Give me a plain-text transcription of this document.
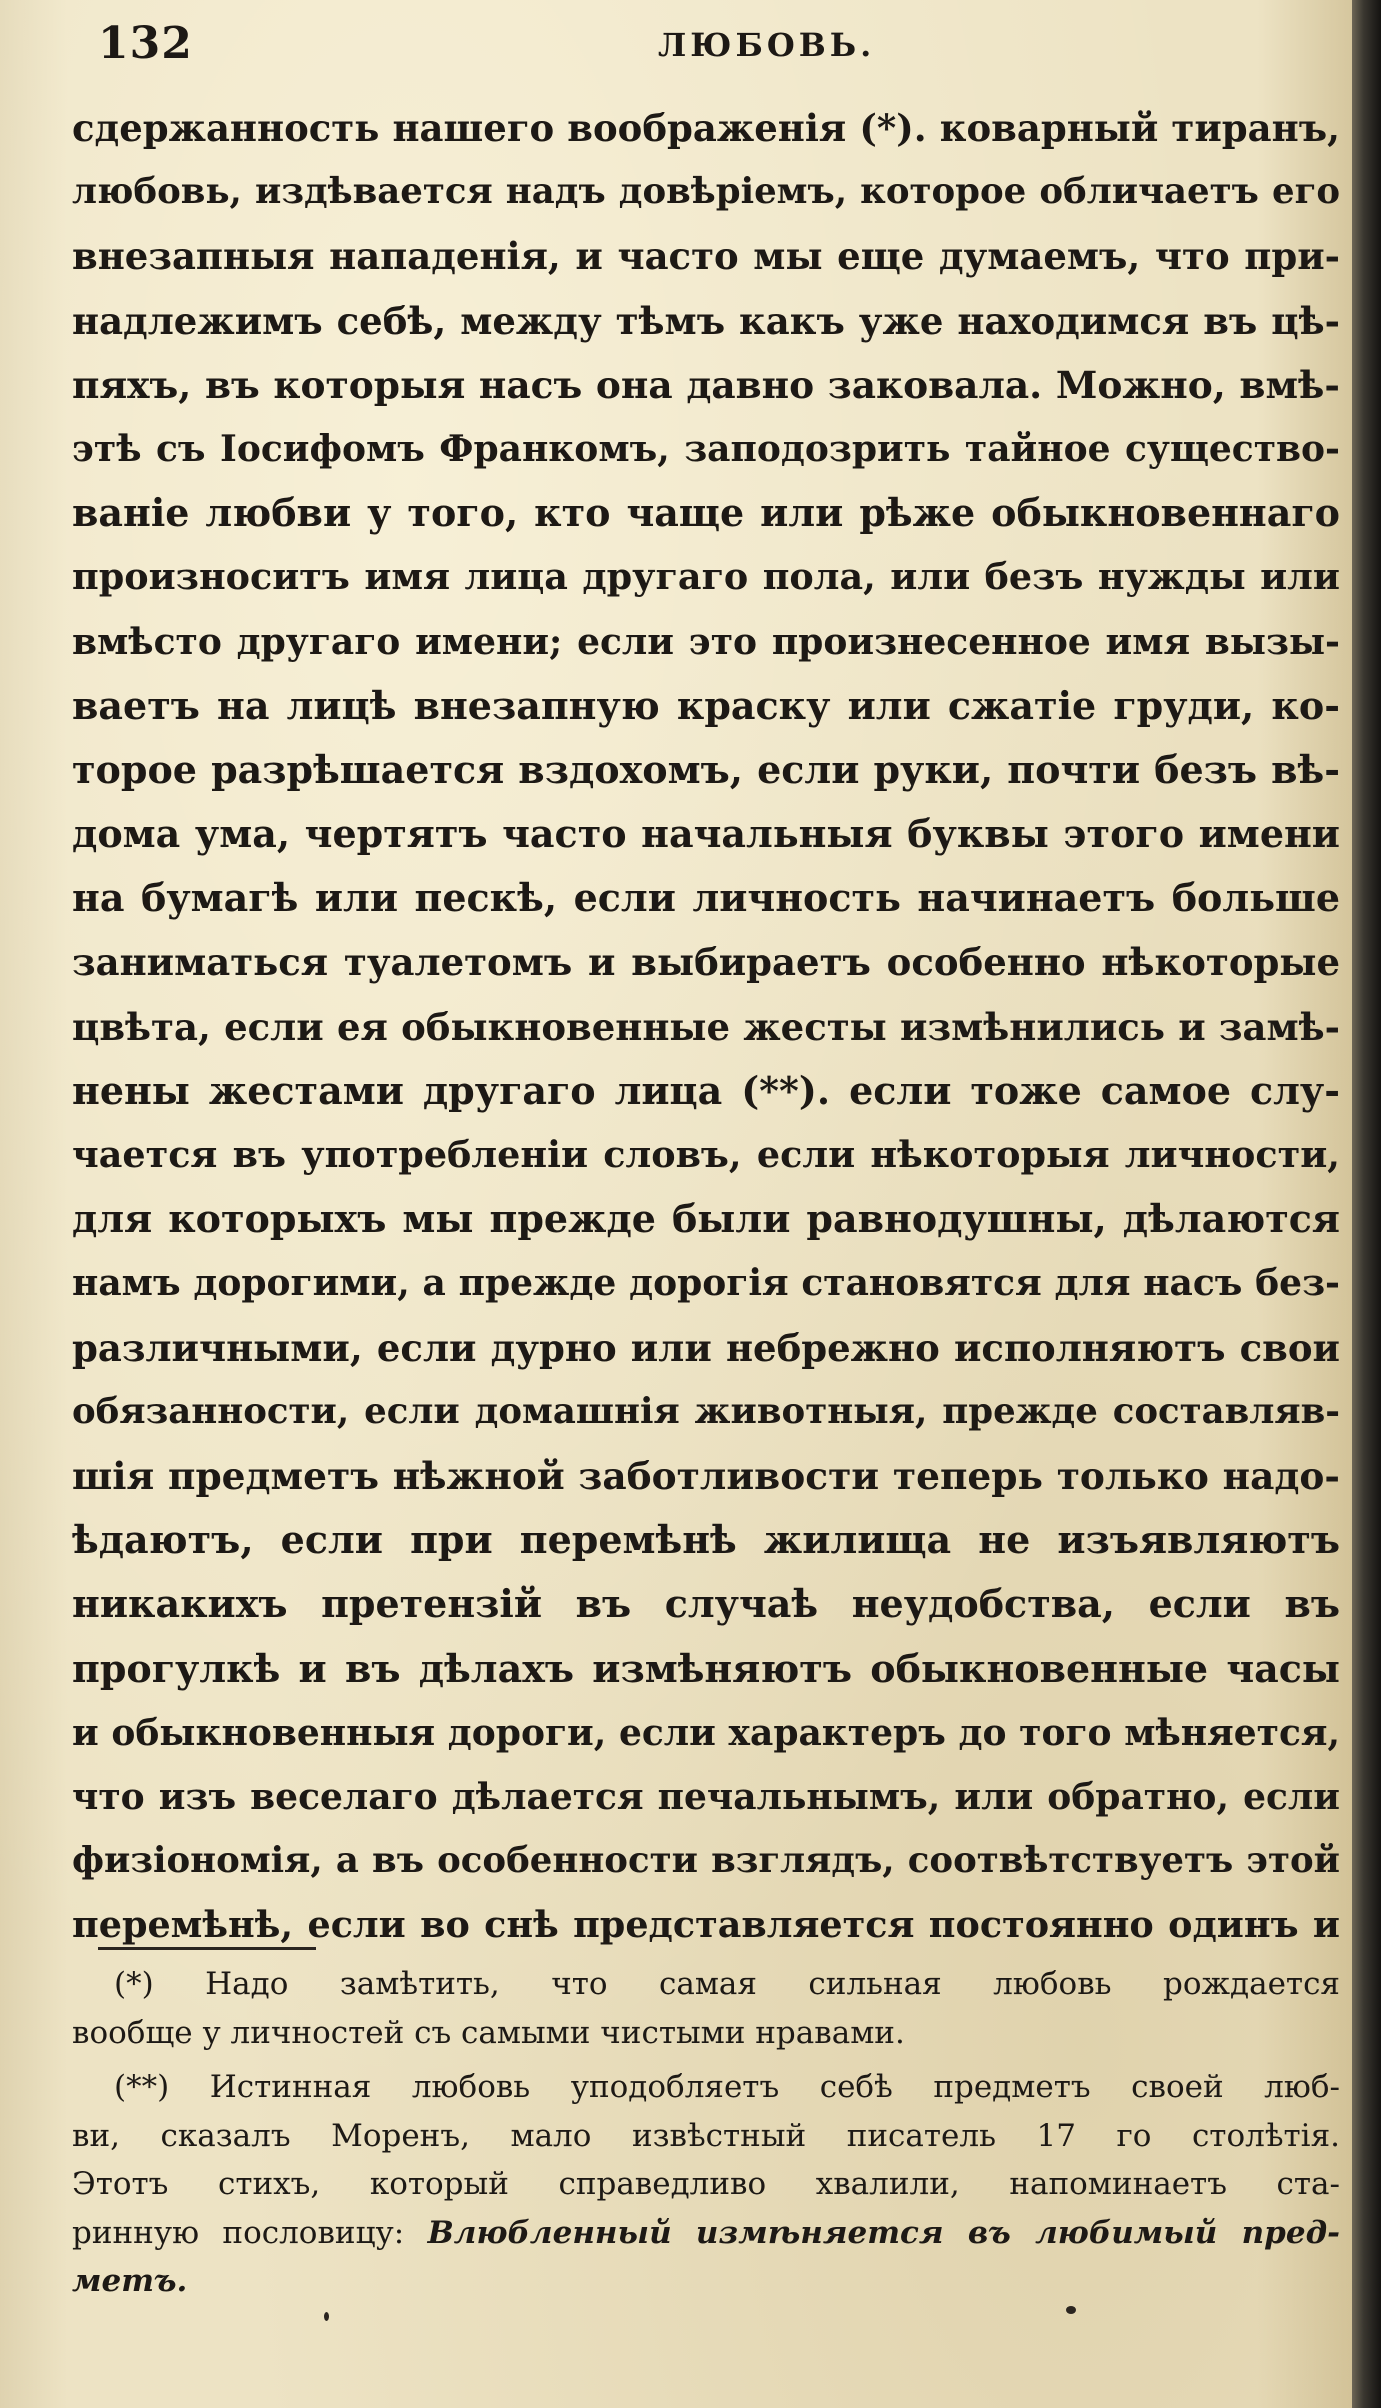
132	ЛЮБОВЬ.
сдержанность нашего воображенія (*). коварный тиранъ,
любовь, издѣвается надъ довѣріемъ, которое обличаетъ его
внезапныя нападенія, и часто мы еще думаемъ, что при-
надлежимъ себѣ, между тѣмъ какъ уже находимся въ цѣ-
пяхъ, въ которыя насъ она давно заковала. Можно, вмѣ-
этѣ съ Іосифомъ Франкомъ, заподозрить тайное существо-
ваніе любви у того, кто чаще или рѣже обыкновеннаго
произноситъ имя лица другаго пола, или безъ нужды или
вмѣсто другаго имени; если это произнесенное имя вызы-
ваетъ на лицѣ внезапную краску или сжатіе груди, ко-
торое разрѣшается вздохомъ, если руки, почти безъ вѣ-
дома ума, чертятъ часто начальныя буквы этого имени
на бумагѣ или пескѣ, если личность начинаетъ больше
заниматься туалетомъ и выбираетъ особенно нѣкоторые
цвѣта, если ея обыкновенные жесты измѣнились и замѣ-
нены жестами другаго лица (**). если тоже самое слу-
чается въ употребленіи словъ, если нѣкоторыя личности,
для которыхъ мы прежде были равнодушны, дѣлаются
намъ дорогими, а прежде дорогія становятся для насъ без-
различными, если дурно или небрежно исполняютъ свои
обязанности, если домашнія животныя, прежде составляв-
шія предметъ нѣжной заботливости теперь только надо-
ѣдаютъ, если при перемѣнѣ жилища не изъявляютъ
никакихъ претензій въ случаѣ неудобства, если въ
прогулкѣ и въ дѣлахъ измѣняютъ обыкновенные часы
и обыкновенныя дороги, если характеръ до того мѣняется,
что изъ веселаго дѣлается печальнымъ, или обратно, если
физіономія, а въ особенности взглядъ, соотвѣтствуетъ этой
перемѣнѣ, если во снѣ представляется постоянно одинъ и
(*) Надо замѣтить, что самая сильная любовь рождается
вообще у личностей съ самыми чистыми нравами.
(**) Истинная любовь уподобляетъ себѣ предметъ своей люб-
ви, сказалъ Моренъ, мало извѣстный писатель 17 го столѣтія.
Этотъ стихъ, который справедливо хвалили, напоминаетъ ста-
ринную пословицу: Влюбленный измѣняется въ любимый пред-
метъ.
